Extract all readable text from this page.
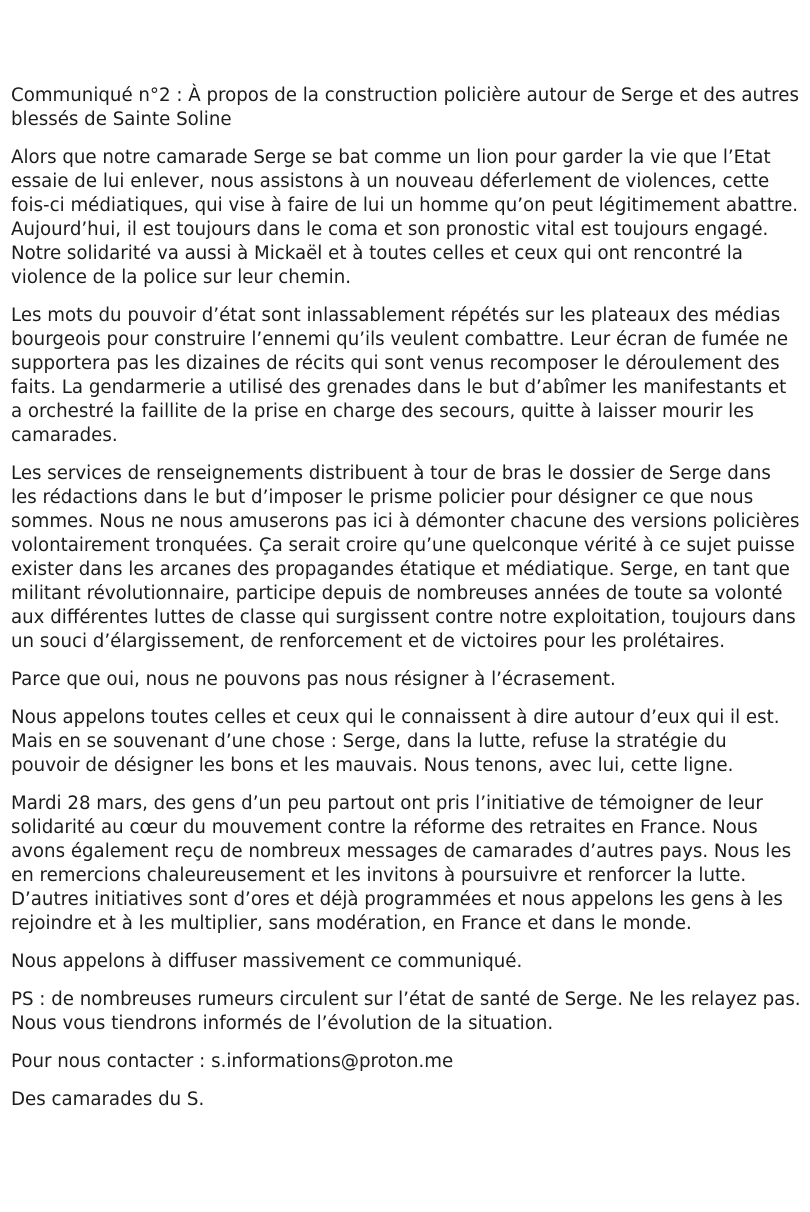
Communiqué n°2 : À propos de la construction policière autour de Serge et des autres blessés de Sainte Soline

Alors que notre camarade Serge se bat comme un lion pour garder la vie que l’Etat essaie de lui enlever, nous assistons à un nouveau déferlement de violences, cette fois-ci médiatiques, qui vise à faire de lui un homme qu’on peut légitimement abattre. Aujourd’hui, il est toujours dans le coma et son pronostic vital est toujours engagé. Notre solidarité va aussi à Mickaël et à toutes celles et ceux qui ont rencontré la violence de la police sur leur chemin.

Les mots du pouvoir d’état sont inlassablement répétés sur les plateaux des médias bourgeois pour construire l’ennemi qu’ils veulent combattre. Leur écran de fumée ne supportera pas les dizaines de récits qui sont venus recomposer le déroulement des faits. La gendarmerie a utilisé des grenades dans le but d’abîmer les manifestants et a orchestré la faillite de la prise en charge des secours, quitte à laisser mourir les camarades.

Les services de renseignements distribuent à tour de bras le dossier de Serge dans les rédactions dans le but d’imposer le prisme policier pour désigner ce que nous sommes. Nous ne nous amuserons pas ici à démonter chacune des versions policières volontairement tronquées. Ça serait croire qu’une quelconque vérité à ce sujet puisse exister dans les arcanes des propagandes étatique et médiatique. Serge, en tant que militant révolutionnaire, participe depuis de nombreuses années de toute sa volonté aux différentes luttes de classe qui surgissent contre notre exploitation, toujours dans un souci d’élargissement, de renforcement et de victoires pour les prolétaires.

Parce que oui, nous ne pouvons pas nous résigner à l’écrasement.

Nous appelons toutes celles et ceux qui le connaissent à dire autour d’eux qui il est. Mais en se souvenant d’une chose : Serge, dans la lutte, refuse la stratégie du pouvoir de désigner les bons et les mauvais. Nous tenons, avec lui, cette ligne.

Mardi 28 mars, des gens d’un peu partout ont pris l’initiative de témoigner de leur solidarité au cœur du mouvement contre la réforme des retraites en France. Nous avons également reçu de nombreux messages de camarades d’autres pays. Nous les en remercions chaleureusement et les invitons à poursuivre et renforcer la lutte. D’autres initiatives sont d’ores et déjà programmées et nous appelons les gens à les rejoindre et à les multiplier, sans modération, en France et dans le monde.

Nous appelons à diffuser massivement ce communiqué.

PS : de nombreuses rumeurs circulent sur l’état de santé de Serge. Ne les relayez pas. Nous vous tiendrons informés de l’évolution de la situation.

Pour nous contacter : s.informations@proton.me

Des camarades du S.
